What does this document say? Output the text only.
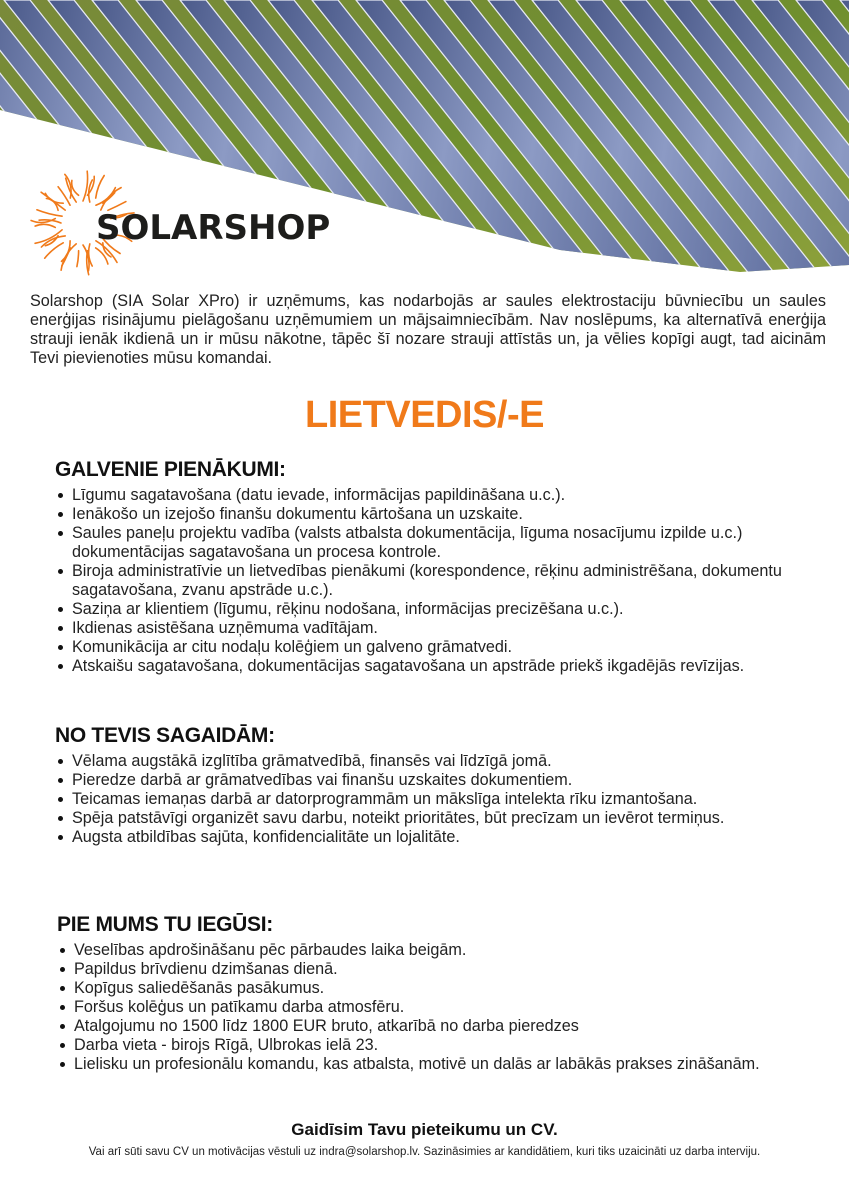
SOLARSHOP
Solarshop (SIA Solar XPro) ir uzņēmums, kas nodarbojās ar saules elektrostaciju būvniecību un saules enerģijas risinājumu pielāgošanu uzņēmumiem un mājsaimniecībām. Nav noslēpums, ka alternatīvā enerģija strauji ienāk ikdienā un ir mūsu nākotne, tāpēc šī nozare strauji attīstās un, ja vēlies kopīgi augt, tad aicinām Tevi pievienoties mūsu komandai.
LIETVEDIS/-E
GALVENIE PIENĀKUMI:
Līgumu sagatavošana (datu ievade, informācijas papildināšana u.c.).
Ienākošo un izejošo finanšu dokumentu kārtošana un uzskaite.
Saules paneļu projektu vadība (valsts atbalsta dokumentācija, līguma nosacījumu izpilde u.c.) dokumentācijas sagatavošana un procesa kontrole.
Biroja administratīvie un lietvedības pienākumi (korespondence, rēķinu administrēšana, dokumentu sagatavošana, zvanu apstrāde u.c.).
Saziņa ar klientiem (līgumu, rēķinu nodošana, informācijas precizēšana u.c.).
Ikdienas asistēšana uzņēmuma vadītājam.
Komunikācija ar citu nodaļu kolēģiem un galveno grāmatvedi.
Atskaišu sagatavošana, dokumentācijas sagatavošana un apstrāde priekš ikgadējās revīzijas.
NO TEVIS SAGAIDĀM:
Vēlama augstākā izglītība grāmatvedībā, finansēs vai līdzīgā jomā.
Pieredze darbā ar grāmatvedības vai finanšu uzskaites dokumentiem.
Teicamas iemaņas darbā ar datorprogrammām un mākslīga intelekta rīku izmantošana.
Spēja patstāvīgi organizēt savu darbu, noteikt prioritātes, būt precīzam un ievērot termiņus.
Augsta atbildības sajūta, konfidencialitāte un lojalitāte.
PIE MUMS TU IEGŪSI:
Veselības apdrošināšanu pēc pārbaudes laika beigām.
Papildus brīvdienu dzimšanas dienā.
Kopīgus saliedēšanās pasākumus.
Foršus kolēģus un patīkamu darba atmosfēru.
Atalgojumu no 1500 līdz 1800 EUR bruto, atkarībā no darba pieredzes
Darba vieta - birojs Rīgā, Ulbrokas ielā 23.
Lielisku un profesionālu komandu, kas atbalsta, motivē un dalās ar labākās prakses zināšanām.
Gaidīsim Tavu pieteikumu un CV.
Vai arī sūti savu CV un motivācijas vēstuli uz indra@solarshop.lv. Sazināsimies ar kandidātiem, kuri tiks uzaicināti uz darba interviju.
